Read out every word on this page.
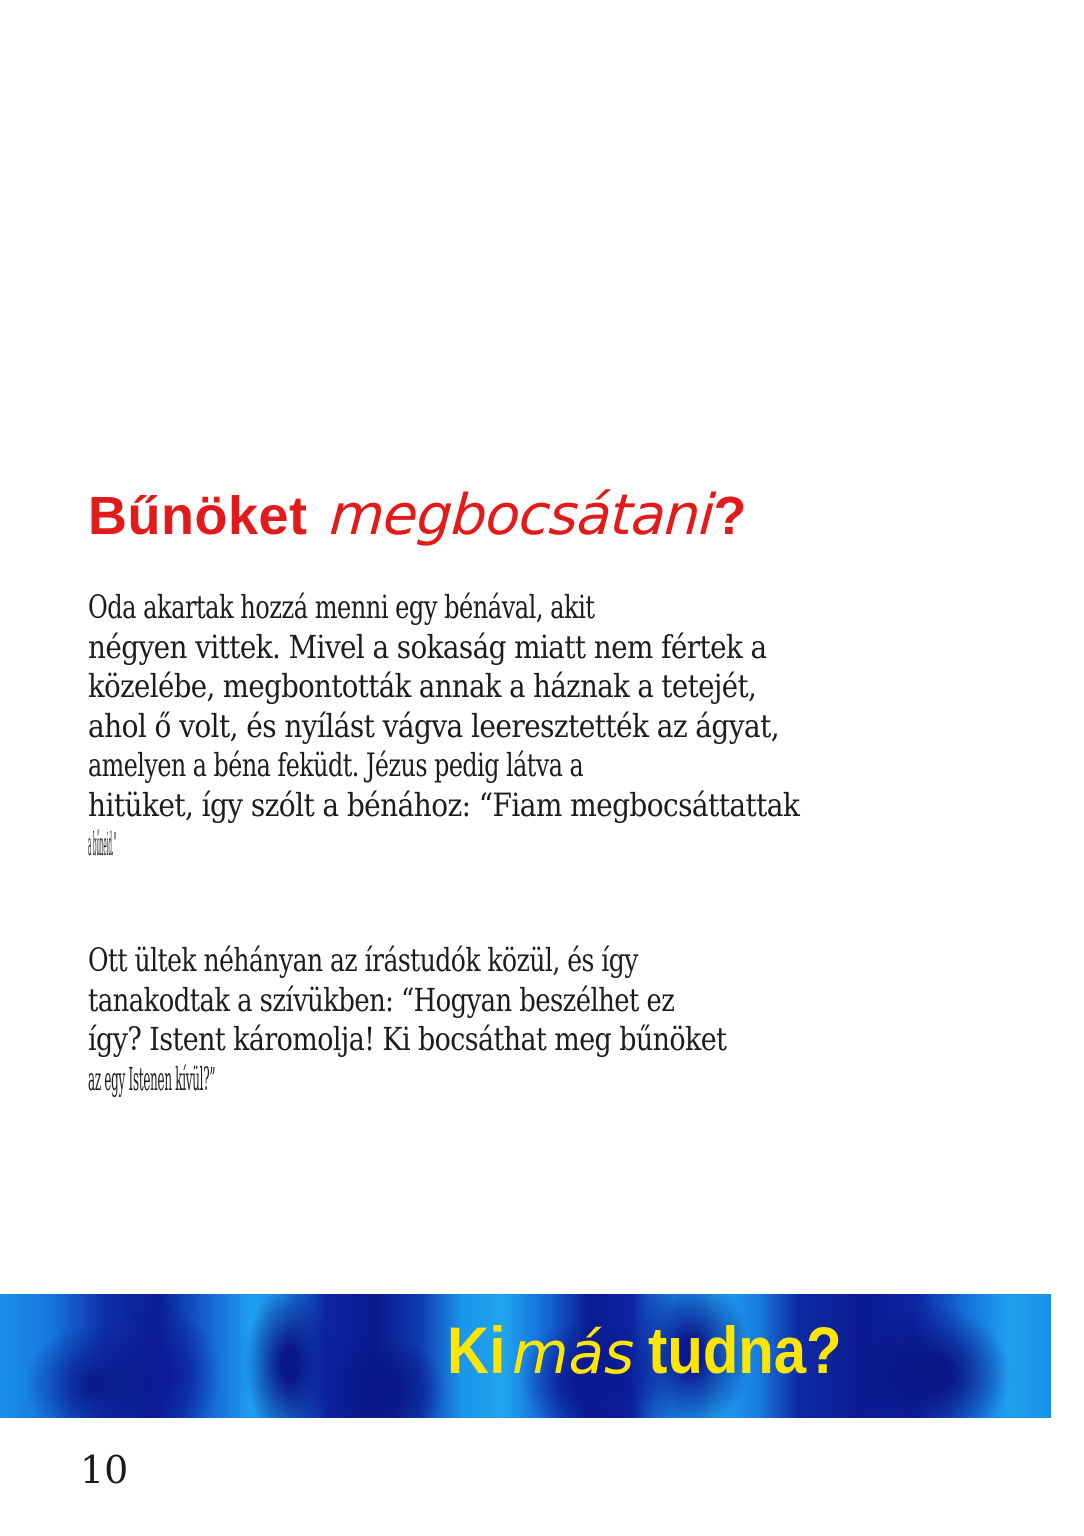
Bűnöket megbocsátani
?
Oda akartak hozzá menni egy bénával, akit
négyen vittek. Mivel a sokaság miatt nem fértek a
közelébe, megbontották annak a háznak a tetejét,
ahol ő volt, és nyílást vágva leeresztették az ágyat,
amelyen a béna feküdt. Jézus pedig látva a
hitüket, így szólt a bénához: “Fiam megbocsáttattak
a bűneid.”
Ott ültek néhányan az írástudók közül, és így
tanakodtak a szívükben: “Hogyan beszélhet ez
így? Istent káromolja! Ki bocsáthat meg bűnöket
az egy Istenen kívül?”
Ki más tudna?
10
